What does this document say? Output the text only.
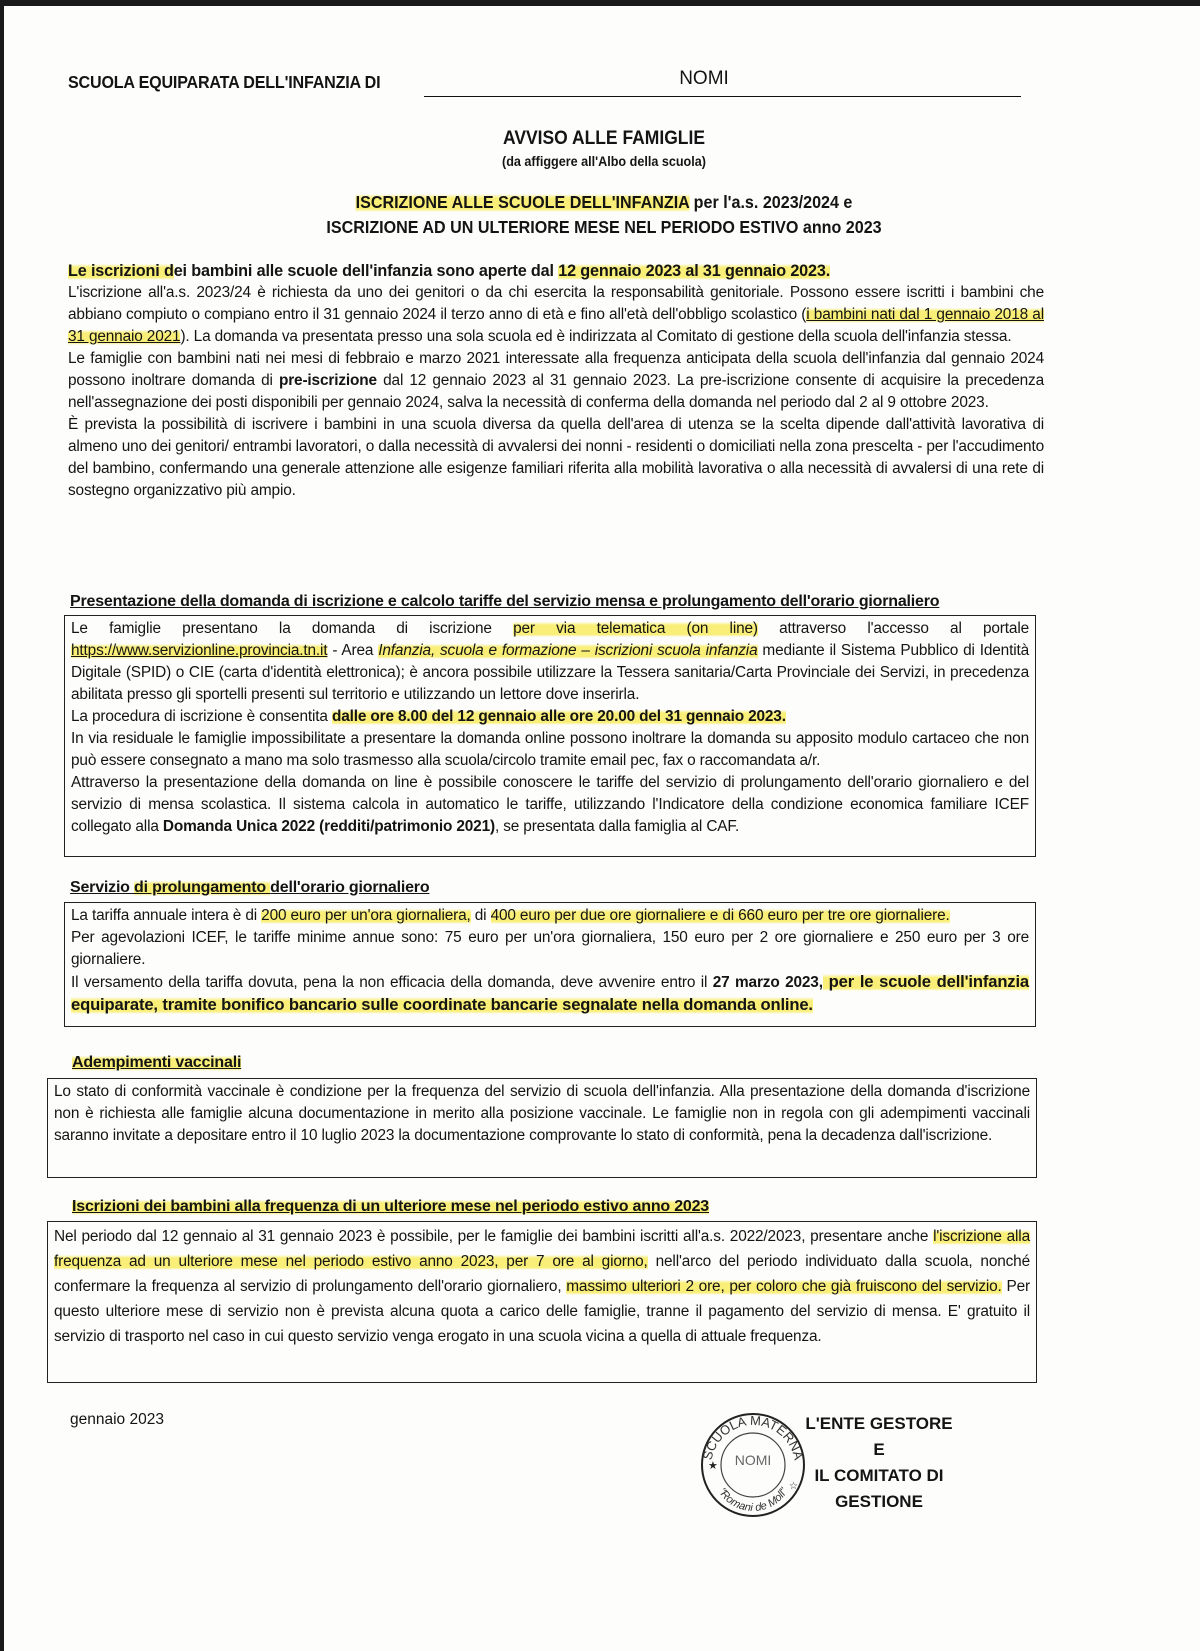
SCUOLA EQUIPARATA DELL'INFANZIA DI	NOMI
AVVISO ALLE FAMIGLIE
(da affiggere all'Albo della scuola)
ISCRIZIONE ALLE SCUOLE DELL'INFANZIA per l'a.s. 2023/2024 e
ISCRIZIONE AD UN ULTERIORE MESE NEL PERIODO ESTIVO anno 2023

Le iscrizioni dei bambini alle scuole dell'infanzia sono aperte dal 12 gennaio 2023 al 31 gennaio 2023.

L'iscrizione all'a.s. 2023/24 è richiesta da uno dei genitori o da chi esercita la responsabilità genitoriale. Possono essere iscritti i bambini che abbiano compiuto o compiano entro il 31 gennaio 2024 il terzo anno di età e fino all'età dell'obbligo scolastico (i bambini nati dal 1 gennaio 2018 al 31 gennaio 2021). La domanda va presentata presso una sola scuola ed è indirizzata al Comitato di gestione della scuola dell'infanzia stessa.

Le famiglie con bambini nati nei mesi di febbraio e marzo 2021 interessate alla frequenza anticipata della scuola dell'infanzia dal gennaio 2024 possono inoltrare domanda di pre-iscrizione dal 12 gennaio 2023 al 31 gennaio 2023. La pre-iscrizione consente di acquisire la precedenza nell'assegnazione dei posti disponibili per gennaio 2024, salva la necessità di conferma della domanda nel periodo dal 2 al 9 ottobre 2023.

È prevista la possibilità di iscrivere i bambini in una scuola diversa da quella dell'area di utenza se la scelta dipende dall'attività lavorativa di almeno uno dei genitori/ entrambi lavoratori, o dalla necessità di avvalersi dei nonni - residenti o domiciliati nella zona prescelta - per l'accudimento del bambino, confermando una generale attenzione alle esigenze familiari riferita alla mobilità lavorativa o alla necessità di avvalersi di una rete di sostegno organizzativo più ampio.

Presentazione della domanda di iscrizione e calcolo tariffe del servizio mensa e prolungamento dell'orario giornaliero

Le famiglie presentano la domanda di iscrizione per via telematica (on line) attraverso l'accesso al portale https://www.servizionline.provincia.tn.it - Area Infanzia, scuola e formazione – iscrizioni scuola infanzia mediante il Sistema Pubblico di Identità Digitale (SPID) o CIE (carta d'identità elettronica); è ancora possibile utilizzare la Tessera sanitaria/Carta Provinciale dei Servizi, in precedenza abilitata presso gli sportelli presenti sul territorio e utilizzando un lettore dove inserirla.

La procedura di iscrizione è consentita dalle ore 8.00 del 12 gennaio alle ore 20.00 del 31 gennaio 2023.

In via residuale le famiglie impossibilitate a presentare la domanda online possono inoltrare la domanda su apposito modulo cartaceo che non può essere consegnato a mano ma solo trasmesso alla scuola/circolo tramite email pec, fax o raccomandata a/r.

Attraverso la presentazione della domanda on line è possibile conoscere le tariffe del servizio di prolungamento dell'orario giornaliero e del servizio di mensa scolastica. Il sistema calcola in automatico le tariffe, utilizzando l'Indicatore della condizione economica familiare ICEF collegato alla Domanda Unica 2022 (redditi/patrimonio 2021), se presentata dalla famiglia al CAF.

Servizio di prolungamento dell'orario giornaliero

La tariffa annuale intera è di 200 euro per un'ora giornaliera, di 400 euro per due ore giornaliere e di 660 euro per tre ore giornaliere.

Per agevolazioni ICEF, le tariffe minime annue sono: 75 euro per un'ora giornaliera, 150 euro per 2 ore giornaliere e 250 euro per 3 ore giornaliere.

Il versamento della tariffa dovuta, pena la non efficacia della domanda, deve avvenire entro il 27 marzo 2023, per le scuole dell'infanzia equiparate, tramite bonifico bancario sulle coordinate bancarie segnalate nella domanda online.

Adempimenti vaccinali

Lo stato di conformità vaccinale è condizione per la frequenza del servizio di scuola dell'infanzia. Alla presentazione della domanda d'iscrizione non è richiesta alle famiglie alcuna documentazione in merito alla posizione vaccinale. Le famiglie non in regola con gli adempimenti vaccinali saranno invitate a depositare entro il 10 luglio 2023 la documentazione comprovante lo stato di conformità, pena la decadenza dall'iscrizione.

Iscrizioni dei bambini alla frequenza di un ulteriore mese nel periodo estivo anno 2023

Nel periodo dal 12 gennaio al 31 gennaio 2023 è possibile, per le famiglie dei bambini iscritti all'a.s. 2022/2023, presentare anche l'iscrizione alla frequenza ad un ulteriore mese nel periodo estivo anno 2023, per 7 ore al giorno, nell'arco del periodo individuato dalla scuola, nonché confermare la frequenza al servizio di prolungamento dell'orario giornaliero, massimo ulteriori 2 ore, per coloro che già fruiscono del servizio. Per questo ulteriore mese di servizio non è prevista alcuna quota a carico delle famiglie, tranne il pagamento del servizio di mensa. E' gratuito il servizio di trasporto nel caso in cui questo servizio venga erogato in una scuola vicina a quella di attuale frequenza.

gennaio 2023
SCUOLA MATERNA
"Romani de Moll"
NOMI
★
☆
L'ENTE GESTORE
E
IL COMITATO DI GESTIONE
